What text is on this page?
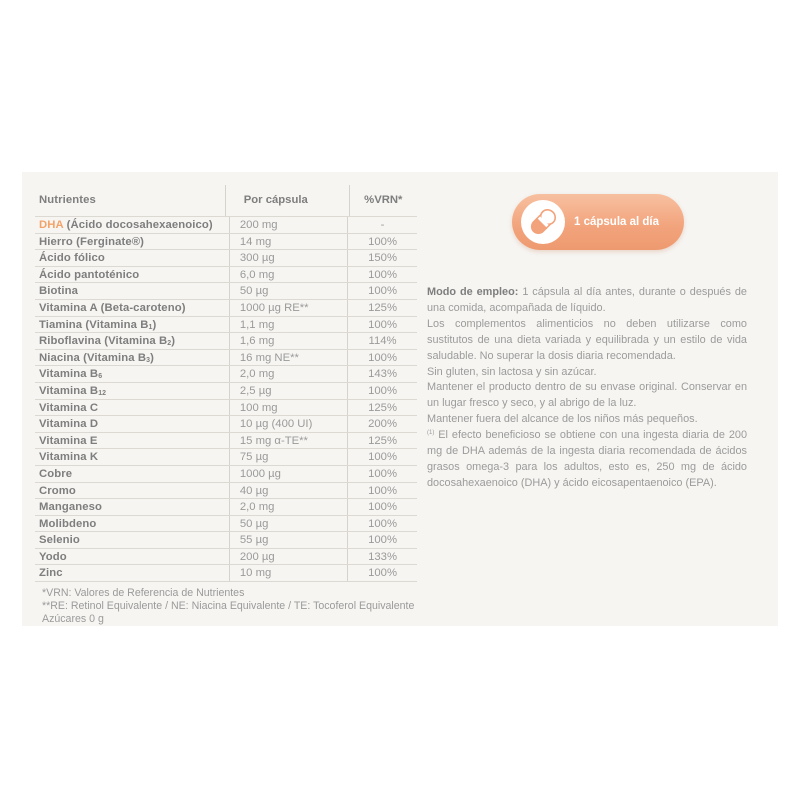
Nutrientes	Por cápsula	%VRN*
DHA (Ácido docosahexaenoico)	200 mg	-
Hierro (Ferginate®)	14 mg	100%
Ácido fólico	300 µg	150%
Ácido pantoténico	6,0 mg	100%
Biotina	50 µg	100%
Vitamina A (Beta-caroteno)	1000 µg RE**	125%
Tiamina (Vitamina $B_1$)	1,1 mg	100%
Riboflavina (Vitamina $B_2$)	1,6 mg	114%
Niacina (Vitamina $B_3$)	16 mg NE**	100%
Vitamina $B_6$	2,0 mg	143%
Vitamina $B_{12}$	2,5 µg	100%
Vitamina C	100 mg	125%
Vitamina D	10 µg (400 UI)	200%
Vitamina E	15 mg α-TE**	125%
Vitamina K	75 µg	100%
Cobre	1000 µg	100%
Cromo	40 µg	100%
Manganeso	2,0 mg	100%
Molibdeno	50 µg	100%
Selenio	55 µg	100%
Yodo	200 µg	133%
Zinc	10 mg	100%
*VRN: Valores de Referencia de Nutrientes
**RE: Retinol Equivalente / NE: Niacina Equivalente / TE: Tocoferol Equivalente
Azúcares 0 g
1 cápsula al día

Modo de empleo: 1 cápsula al día antes, durante o después de una comida, acompañada de líquido.

Los complementos alimenticios no deben utilizarse como sustitutos de una dieta variada y equilibrada y un estilo de vida saludable. No superar la dosis diaria recomendada.

Sin gluten, sin lactosa y sin azúcar.

Mantener el producto dentro de su envase original. Conservar en un lugar fresco y seco, y al abrigo de la luz.

Mantener fuera del alcance de los niños más pequeños.

$^{(1)}$ El efecto beneficioso se obtiene con una ingesta diaria de 200 mg de DHA además de la ingesta diaria recomendada de ácidos grasos omega-3 para los adultos, esto es, 250 mg de ácido docosahexaenoico (DHA) y ácido eicosapentaenoico (EPA).
